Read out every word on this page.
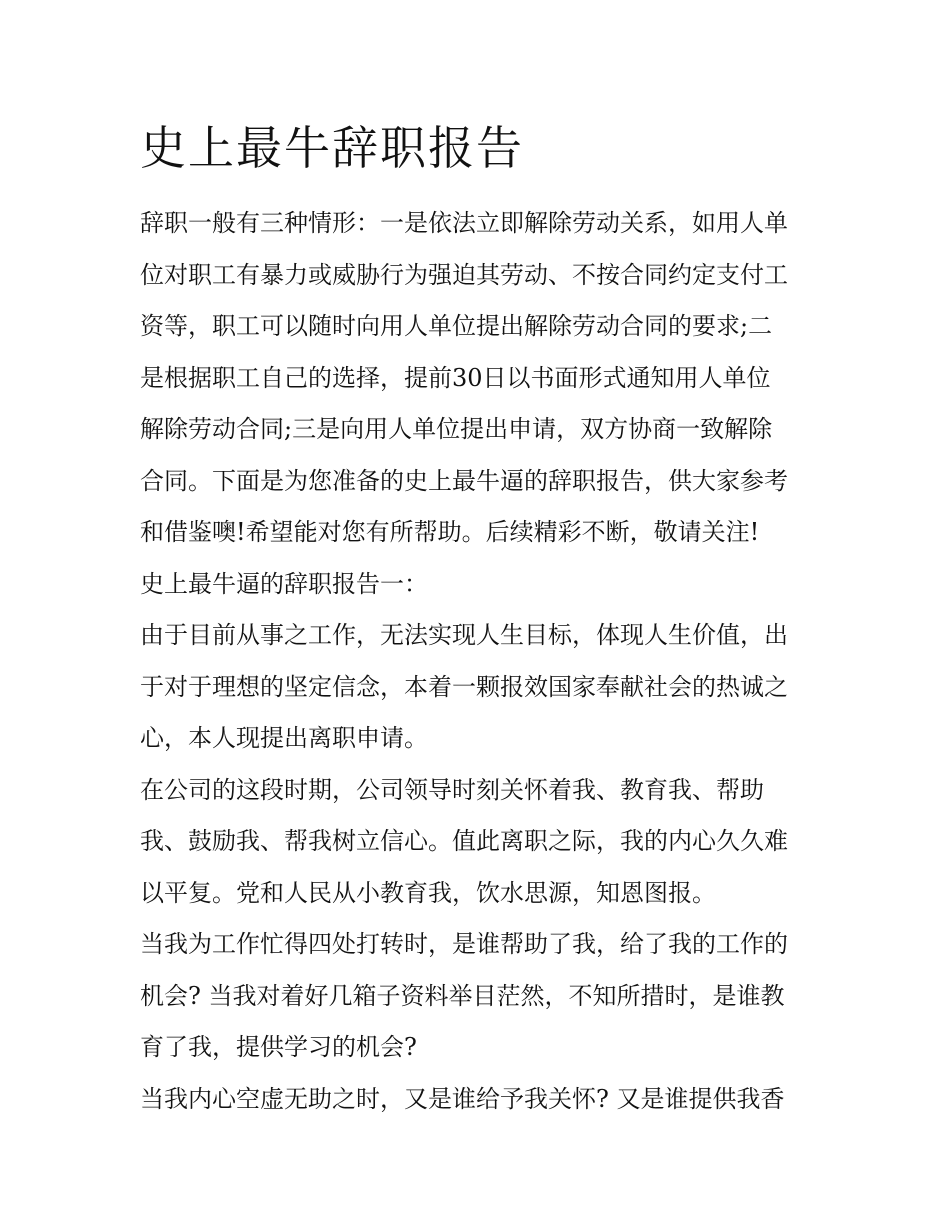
史上最牛辞职报告
辞职一般有三种情形：一是依法立即解除劳动关系，如用人单
位对职工有暴力或威胁行为强迫其劳动、不按合同约定支付工
资等，职工可以随时向用人单位提出解除劳动合同的要求;二
是根据职工自己的选择，提前30日以书面形式通知用人单位
解除劳动合同;三是向用人单位提出申请，双方协商一致解除
合同。下面是为您准备的史上最牛逼的辞职报告，供大家参考
和借鉴噢!希望能对您有所帮助。后续精彩不断，敬请关注!
史上最牛逼的辞职报告一：
由于目前从事之工作，无法实现人生目标，体现人生价值，出
于对于理想的坚定信念，本着一颗报效国家奉献社会的热诚之
心，本人现提出离职申请。
在公司的这段时期，公司领导时刻关怀着我、教育我、帮助
我、鼓励我、帮我树立信心。值此离职之际，我的内心久久难
以平复。党和人民从小教育我，饮水思源，知恩图报。
当我为工作忙得四处打转时，是谁帮助了我，给了我的工作的
机会? 当我对着好几箱子资料举目茫然，不知所措时，是谁教
育了我，提供学习的机会?
当我内心空虚无助之时，又是谁给予我关怀? 又是谁提供我香
